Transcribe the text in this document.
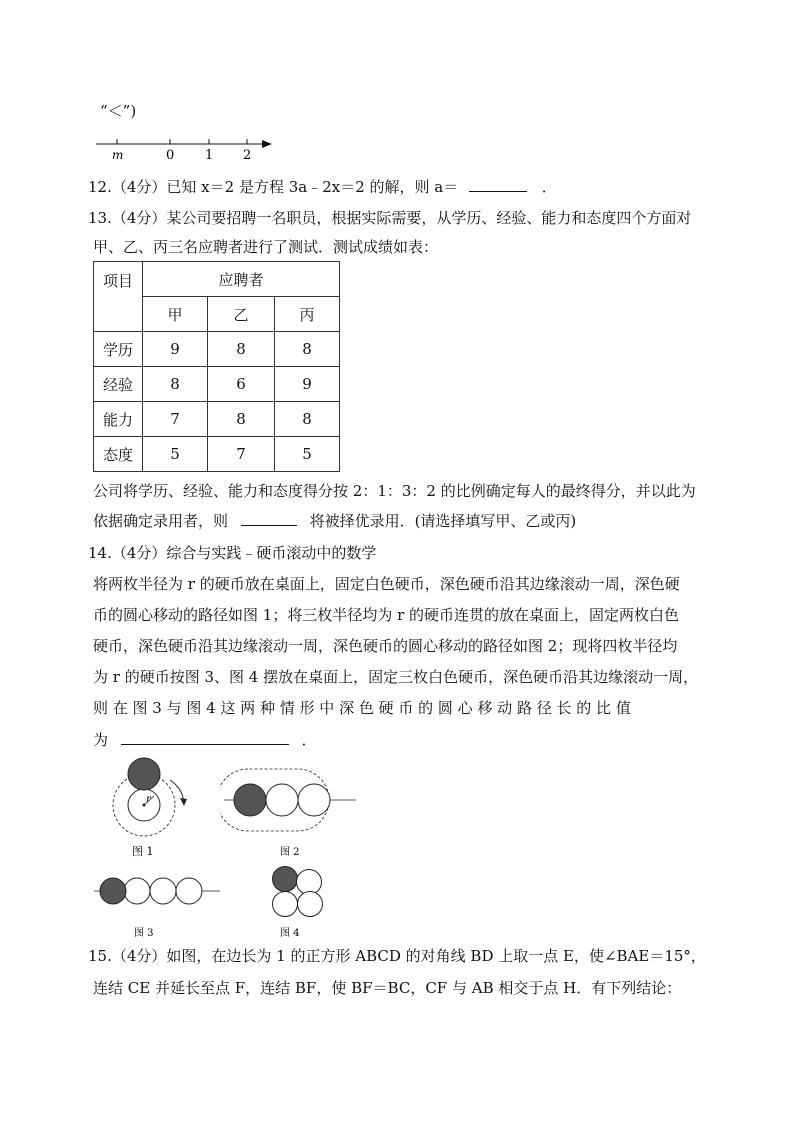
“＜”)
m	0 1 2
12.（4分）已知 x＝2 是方程 3a﹣2x＝2 的解，则 a＝	．
13.（4分）某公司要招聘一名职员，根据实际需要，从学历、经验、能力和态度四个方面对
甲、乙、丙三名应聘者进行了测试．测试成绩如表：
项目	应聘者		
	甲	乙	丙
学历	9	8	8
经验	8	6	9
能力	7	8	8
态度	5	7	5
公司将学历、经验、能力和态度得分按 2：1：3：2 的比例确定每人的最终得分，并以此为
依据确定录用者，则	将被择优录用．(请选择填写甲、乙或丙)
14.（4分）综合与实践﹣硬币滚动中的数学
将两枚半径为 r 的硬币放在桌面上，固定白色硬币，深色硬币沿其边缘滚动一周，深色硬
币的圆心移动的路径如图 1；将三枚半径均为 r 的硬币连贯的放在桌面上，固定两枚白色
硬币，深色硬币沿其边缘滚动一周，深色硬币的圆心移动的路径如图 2；现将四枚半径均
为 r 的硬币按图 3、图 4 摆放在桌面上，固定三枚白色硬币，深色硬币沿其边缘滚动一周，
则 在 图 3 与 图 4 这 两 种 情 形 中 深 色 硬 币 的 圆 心 移 动 路 径 长 的 比 值
为	．
r
图 1	图 2
图 3	图 4
15.（4分）如图，在边长为 1 的正方形 ABCD 的对角线 BD 上取一点 E，使∠BAE＝15°，
连结 CE 并延长至点 F，连结 BF，使 BF＝BC，CF 与 AB 相交于点 H．有下列结论：
